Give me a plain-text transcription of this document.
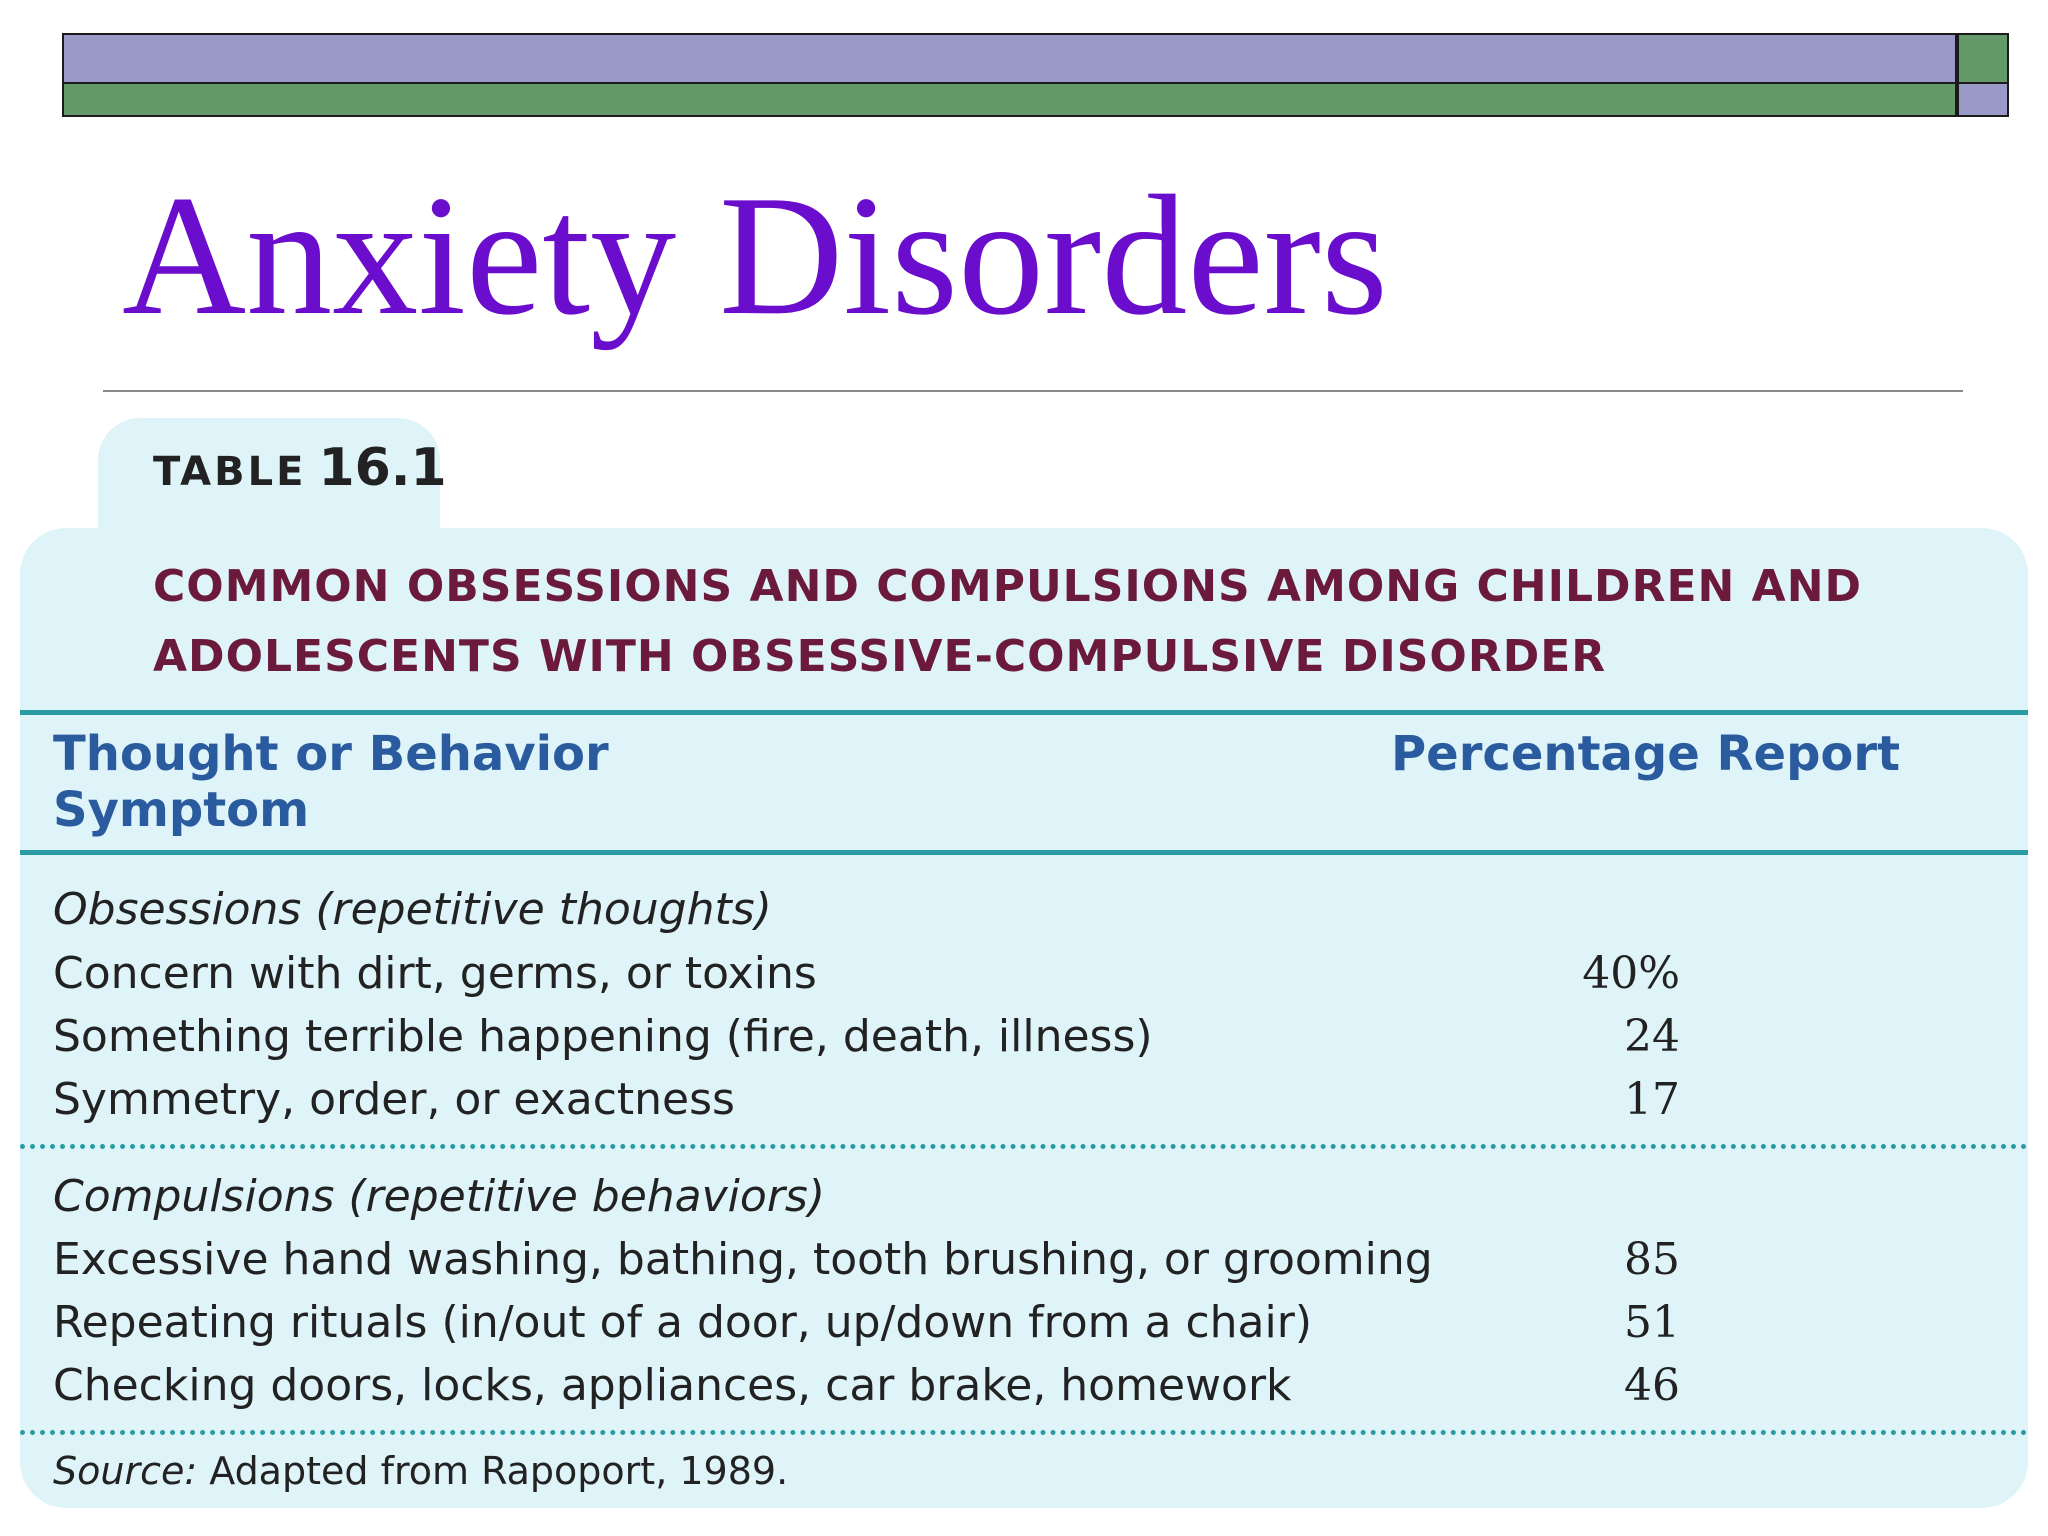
Anxiety Disorders
TABLE 16.1
COMMON OBSESSIONS AND COMPULSIONS AMONG CHILDREN AND
ADOLESCENTS WITH OBSESSIVE-COMPULSIVE DISORDER
Thought or Behavior
Symptom
Percentage Report
Obsessions (repetitive thoughts)
Concern with dirt, germs, or toxins	40%
Something terrible happening (fire, death, illness)	24
Symmetry, order, or exactness	17
Compulsions (repetitive behaviors)
Excessive hand washing, bathing, tooth brushing, or grooming	85
Repeating rituals (in/out of a door, up/down from a chair)	51
Checking doors, locks, appliances, car brake, homework	46
Source: Adapted from Rapoport, 1989.
